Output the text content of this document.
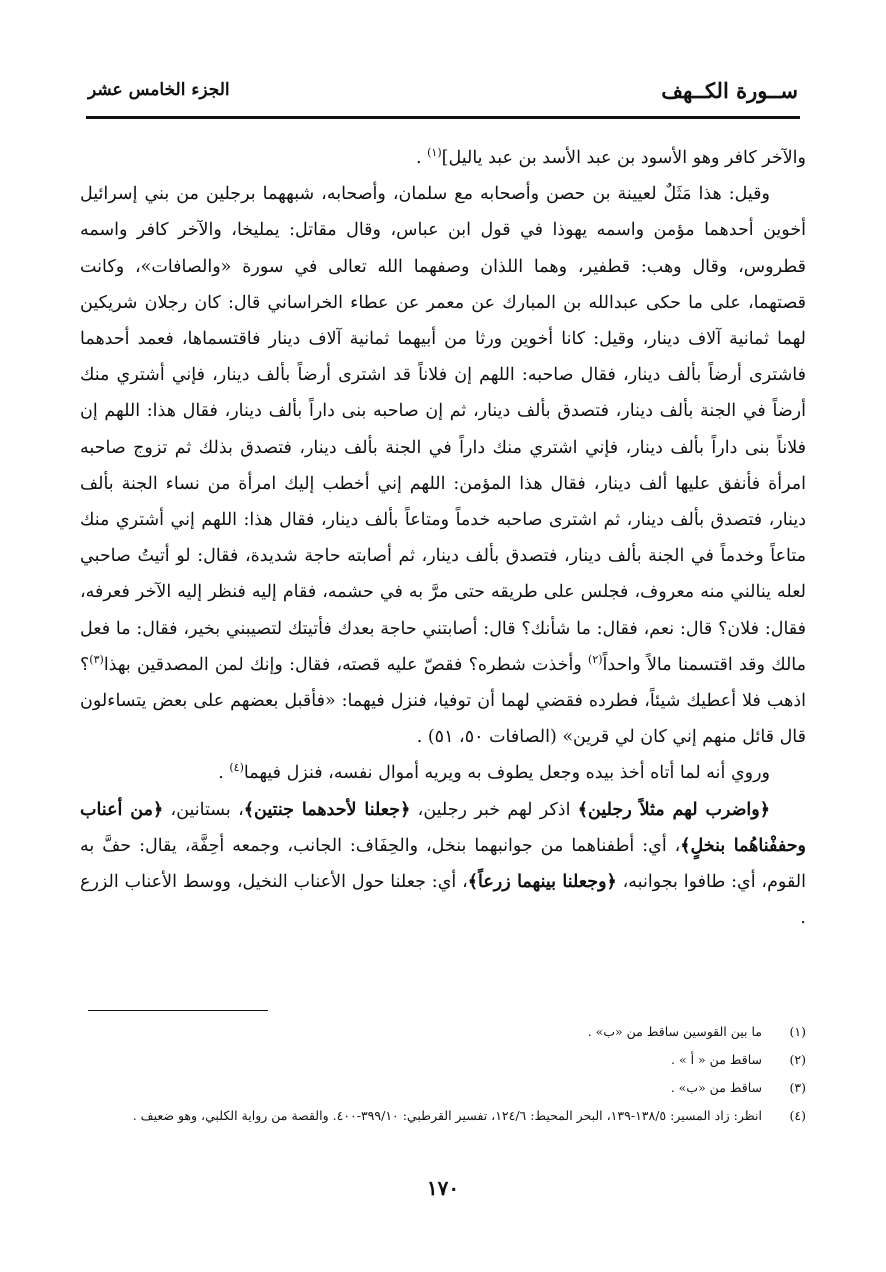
ســورة الكــهف
الجزء الخامس عشر

والآخر كافر وهو الأسود بن عبد الأسد بن عبد ياليل]$^{(١)}$ .

وقيل: هذا مَثَلٌ لعيينة بن حصن وأصحابه مع سلمان، وأصحابه، شبههما برجلين من بني إسرائيل أخوين أحدهما مؤمن واسمه يهوذا في قول ابن عباس، وقال مقاتل: يمليخا، والآخر كافر واسمه قطروس، وقال وهب: قطفير، وهما اللذان وصفهما الله تعالى في سورة «والصافات»، وكانت قصتهما، على ما حكى عبدالله بن المبارك عن معمر عن عطاء الخراساني قال: كان رجلان شريكين لهما ثمانية آلاف دينار، وقيل: كانا أخوين ورثا من أبيهما ثمانية آلاف دينار فاقتسماها، فعمد أحدهما فاشترى أرضاً بألف دينار، فقال صاحبه: اللهم إن فلاناً قد اشترى أرضاً بألف دينار، فإني أشتري منك أرضاً في الجنة بألف دينار، فتصدق بألف دينار، ثم إن صاحبه بنى داراً بألف دينار، فقال هذا: اللهم إن فلاناً بنى داراً بألف دينار، فإني اشتري منك داراً في الجنة بألف دينار، فتصدق بذلك ثم تزوج صاحبه امرأة فأنفق عليها ألف دينار، فقال هذا المؤمن: اللهم إني أخطب إليك امرأة من نساء الجنة بألف دينار، فتصدق بألف دينار، ثم اشترى صاحبه خدماً ومتاعاً بألف دينار، فقال هذا: اللهم إني أشتري منك متاعاً وخدماً في الجنة بألف دينار، فتصدق بألف دينار، ثم أصابته حاجة شديدة، فقال: لو أتيتُ صاحبي لعله ينالني منه معروف، فجلس على طريقه حتى مرَّ به في حشمه، فقام إليه فنظر إليه الآخر فعرفه، فقال: فلان؟ قال: نعم، فقال: ما شأنك؟ قال: أصابتني حاجة بعدك فأتيتك لتصيبني بخير، فقال: ما فعل مالك وقد اقتسمنا مالاً واحداً$^{(٢)}$ وأخذت شطره؟ فقصّ عليه قصته، فقال: وإنك لمن المصدقين بهذا$^{(٣)}$؟ اذهب فلا أعطيك شيئاً، فطرده فقضي لهما أن توفيا، فنزل فيهما: «فأقبل بعضهم على بعض يتساءلون قال قائل منهم إني كان لي قرين» (الصافات ٥٠، ٥١) .

وروي أنه لما أتاه أخذ بيده وجعل يطوف به ويريه أموال نفسه، فنزل فيهما$^{(٤)}$ .

﴿واضرب لهم مثلاً رجلين﴾ اذكر لهم خبر رجلين، ﴿جعلنا لأحدهما جنتين﴾، بستانين، ﴿من أعناب وحففْناهُما بنخلٍ﴾، أي: أطفناهما من جوانبهما بنخل، والحِفَاف: الجانب، وجمعه أحِفَّة، يقال: حفَّ به القوم، أي: طافوا بجوانبه، ﴿وجعلنا بينهما زرعاً﴾، أي: جعلنا حول الأعناب النخيل، ووسط الأعناب الزرع .

(١)
ما بين القوسين ساقط من «ب» .
(٢)
ساقط من « أ » .
(٣)
ساقط من «ب» .
(٤)
انظر: زاد المسير: ١٣٨/٥-١٣٩، البحر المحيط: ١٢٤/٦، تفسير القرطبي: ٣٩٩/١٠-٤٠٠. والقصة من رواية الكلبي، وهو ضعيف .
١٧٠
